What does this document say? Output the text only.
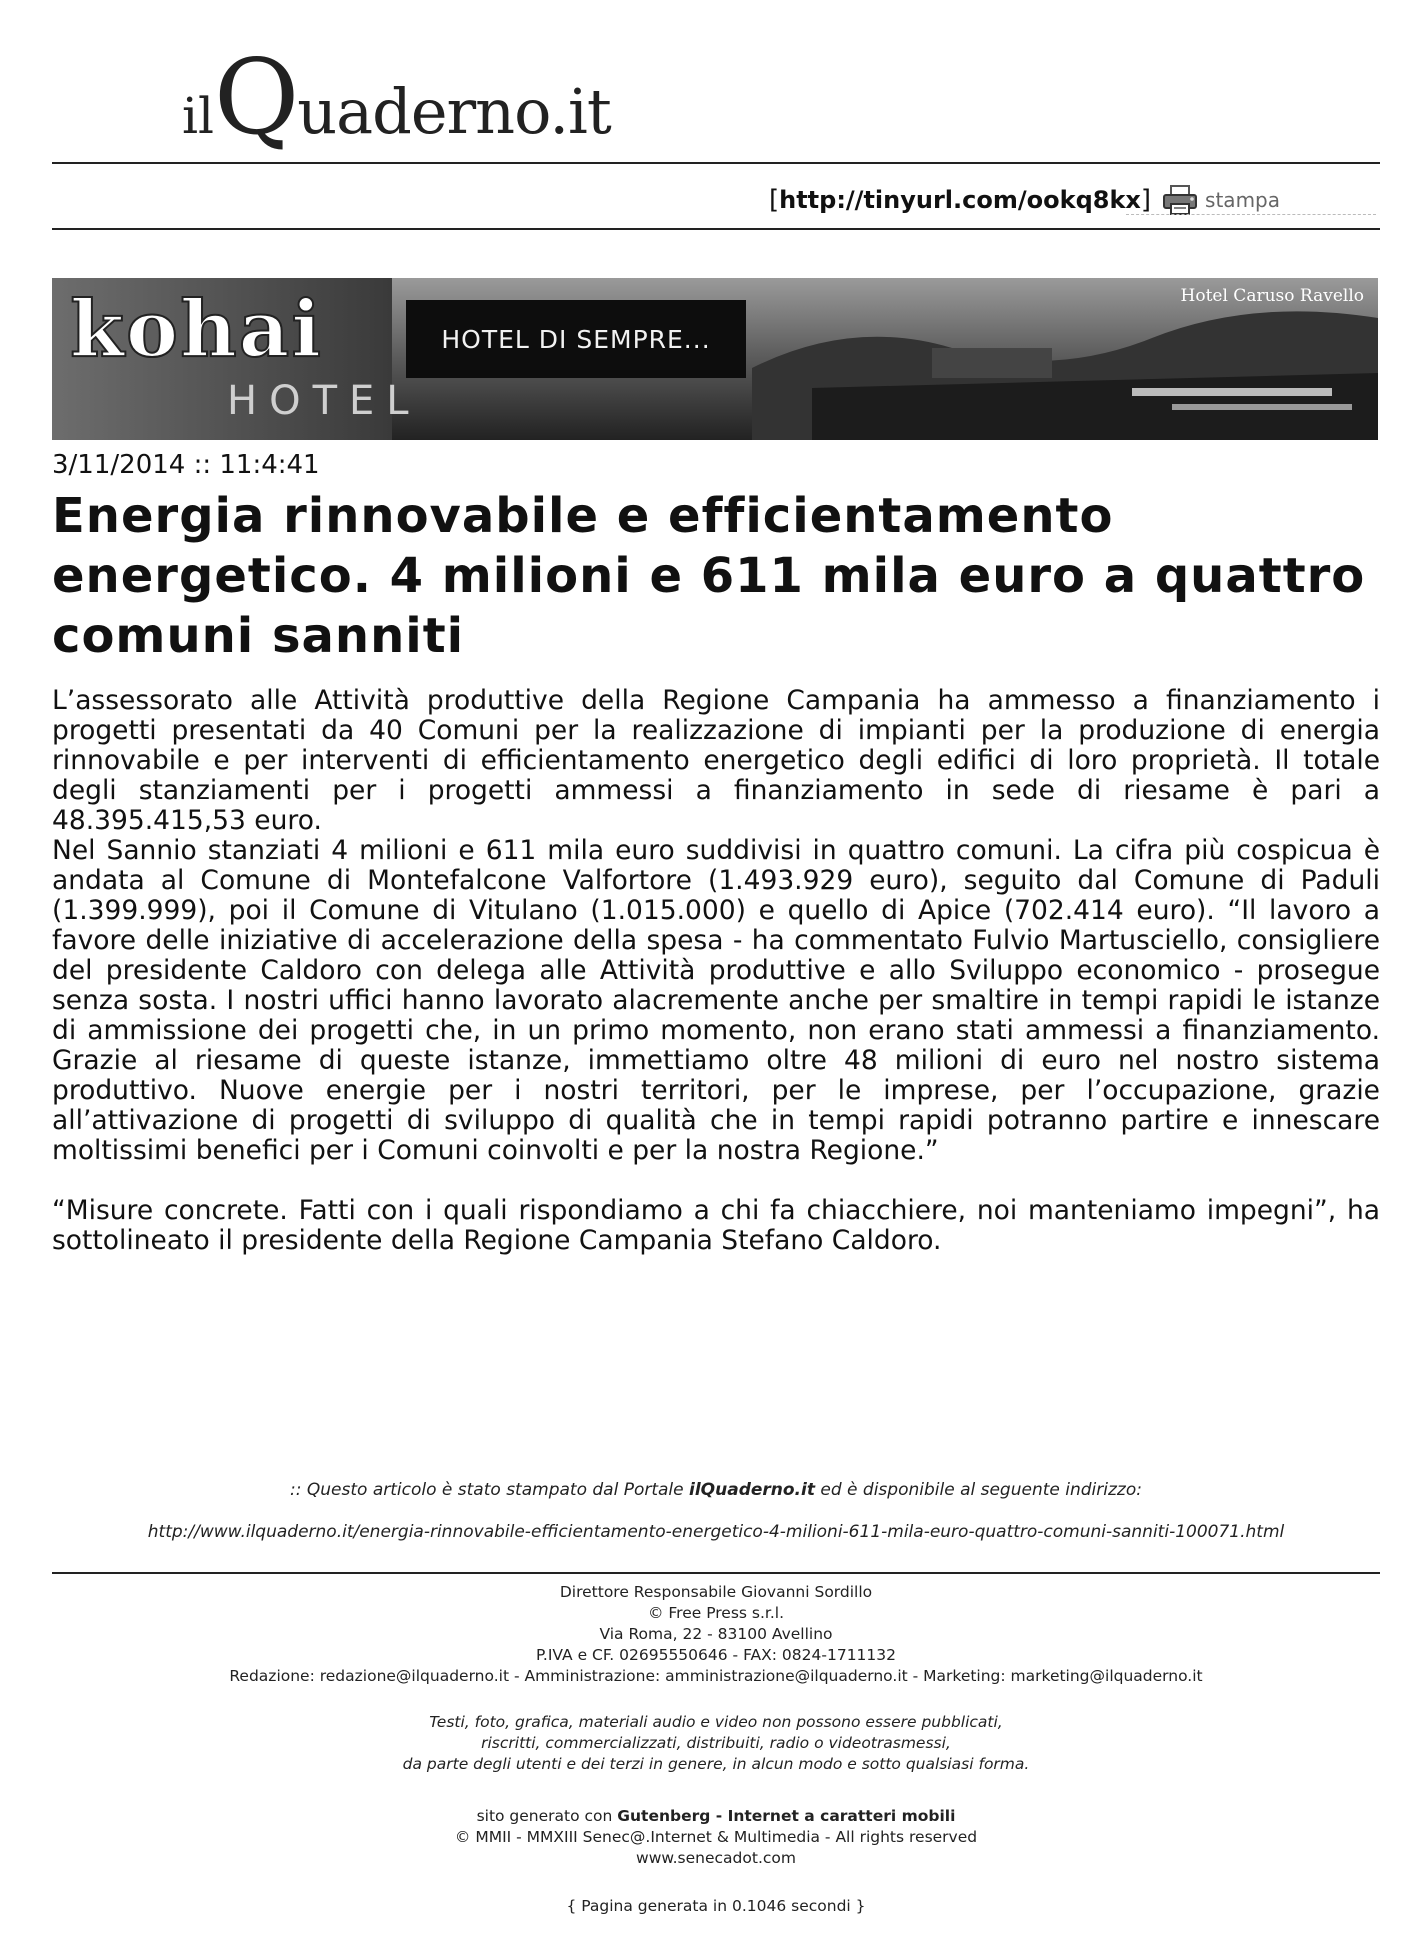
ilQuaderno.it
[http://tinyurl.com/ookq8kx]	stampa
kohai
HOTEL
HOTEL DI SEMPRE...
Hotel Caruso Ravello
3/11/2014 :: 11:4:41
Energia rinnovabile e efficientamento energetico. 4 milioni e 611 mila euro a quattro comuni sanniti

L’assessorato alle Attività produttive della Regione Campania ha ammesso a finanziamento i progetti presentati da 40 Comuni per la realizzazione di impianti per la produzione di energia rinnovabile e per interventi di efficientamento energetico degli edifici di loro proprietà. Il totale degli stanziamenti per i progetti ammessi a finanziamento in sede di riesame è pari a 48.395.415,53 euro.

Nel Sannio stanziati 4 milioni e 611 mila euro suddivisi in quattro comuni. La cifra più cospicua è andata al Comune di Montefalcone Valfortore (1.493.929 euro), seguito dal Comune di Paduli (1.399.999), poi il Comune di Vitulano (1.015.000) e quello di Apice (702.414 euro). “Il lavoro a favore delle iniziative di accelerazione della spesa - ha commentato Fulvio Martusciello, consigliere del presidente Caldoro con delega alle Attività produttive e allo Sviluppo economico - prosegue senza sosta. I nostri uffici hanno lavorato alacremente anche per smaltire in tempi rapidi le istanze di ammissione dei progetti che, in un primo momento, non erano stati ammessi a finanziamento. Grazie al riesame di queste istanze, immettiamo oltre 48 milioni di euro nel nostro sistema produttivo. Nuove energie per i nostri territori, per le imprese, per l’occupazione, grazie all’attivazione di progetti di sviluppo di qualità che in tempi rapidi potranno partire e innescare moltissimi benefici per i Comuni coinvolti e per la nostra Regione.”

“Misure concrete. Fatti con i quali rispondiamo a chi fa chiacchiere, noi manteniamo impegni”, ha sottolineato il presidente della Regione Campania Stefano Caldoro.

:: Questo articolo è stato stampato dal Portale ilQuaderno.it ed è disponibile al seguente indirizzo:
http://www.ilquaderno.it/energia-rinnovabile-efficientamento-energetico-4-milioni-611-mila-euro-quattro-comuni-sanniti-100071.html
Direttore Responsabile Giovanni Sordillo
© Free Press s.r.l.
Via Roma, 22 - 83100 Avellino
P.IVA e CF. 02695550646 - FAX: 0824-1711132
Redazione: redazione@ilquaderno.it - Amministrazione: amministrazione@ilquaderno.it - Marketing: marketing@ilquaderno.it
Testi, foto, grafica, materiali audio e video non possono essere pubblicati,
riscritti, commercializzati, distribuiti, radio o videotrasmessi,
da parte degli utenti e dei terzi in genere, in alcun modo e sotto qualsiasi forma.
sito generato con Gutenberg - Internet a caratteri mobili
© MMII - MMXIII Senec@.Internet & Multimedia - All rights reserved
www.senecadot.com
{ Pagina generata in 0.1046 secondi }
